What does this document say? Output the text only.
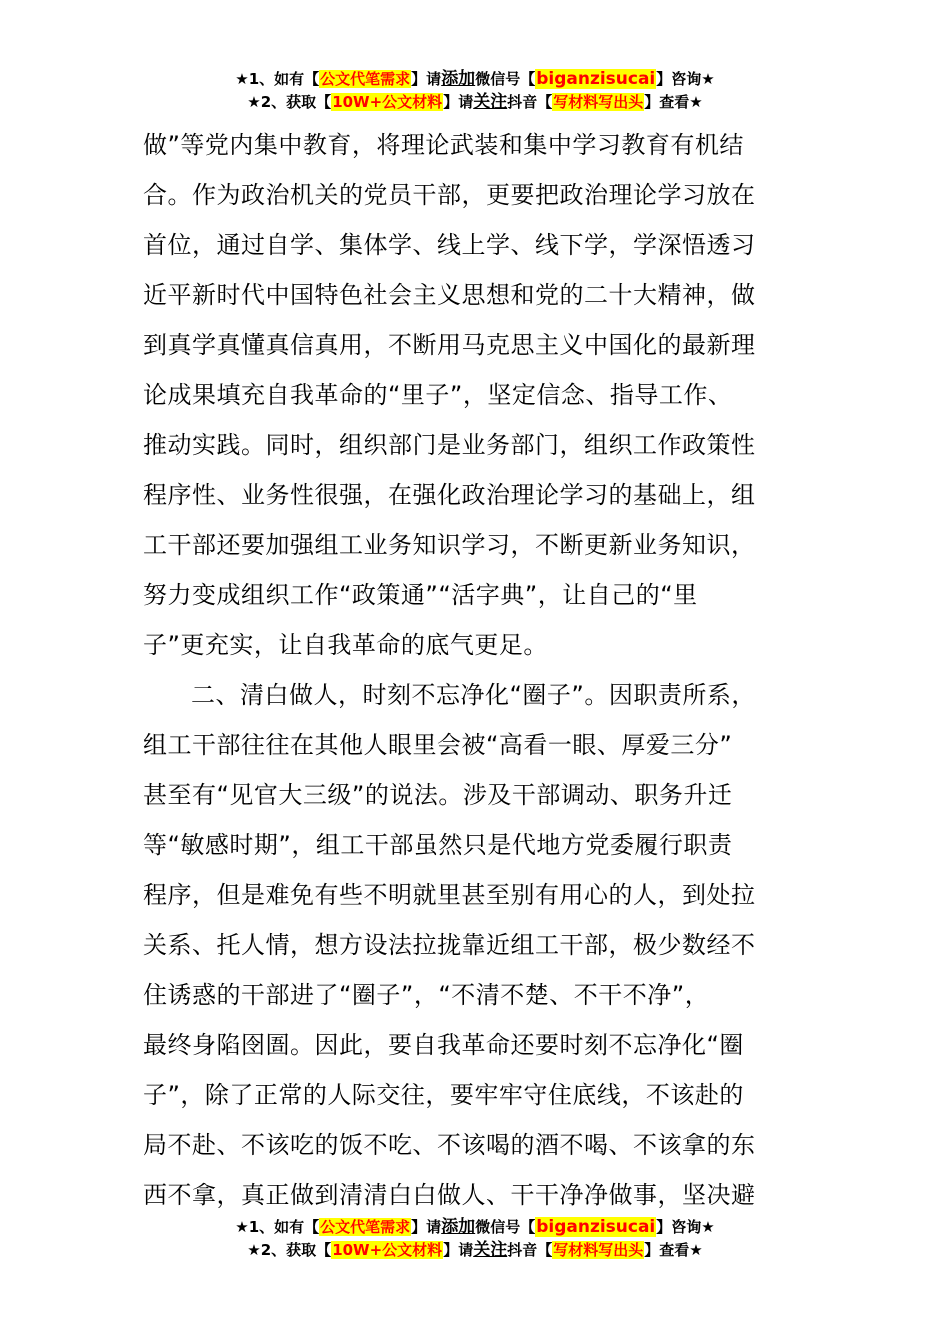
★1、如有【公文代笔需求】请添加微信号【biganzisucai】咨询★
★2、获取【10W+公文材料】请关注抖音【写材料写出头】查看★
做”等党内集中教育，将理论武装和集中学习教育有机结
合。作为政治机关的党员干部，更要把政治理论学习放在
首位，通过自学、集体学、线上学、线下学，学深悟透习
近平新时代中国特色社会主义思想和党的二十大精神，做
到真学真懂真信真用，不断用马克思主义中国化的最新理
论成果填充自我革命的“里子”，坚定信念、指导工作、
推动实践。同时，组织部门是业务部门，组织工作政策性
程序性、业务性很强，在强化政治理论学习的基础上，组
工干部还要加强组工业务知识学习，不断更新业务知识，
努力变成组织工作“政策通”“活字典”，让自己的“里
子”更充实，让自我革命的底气更足。
二、清白做人，时刻不忘净化“圈子”。因职责所系，
组工干部往往在其他人眼里会被“高看一眼、厚爱三分”
甚至有“见官大三级”的说法。涉及干部调动、职务升迁
等“敏感时期”，组工干部虽然只是代地方党委履行职责
程序，但是难免有些不明就里甚至别有用心的人，到处拉
关系、托人情，想方设法拉拢靠近组工干部，极少数经不
住诱惑的干部进了“圈子”，“不清不楚、不干不净”，
最终身陷囹圄。因此，要自我革命还要时刻不忘净化“圈
子”，除了正常的人际交往，要牢牢守住底线，不该赴的
局不赴、不该吃的饭不吃、不该喝的酒不喝、不该拿的东
西不拿，真正做到清清白白做人、干干净净做事，坚决避
★1、如有【公文代笔需求】请添加微信号【biganzisucai】咨询★
★2、获取【10W+公文材料】请关注抖音【写材料写出头】查看★
